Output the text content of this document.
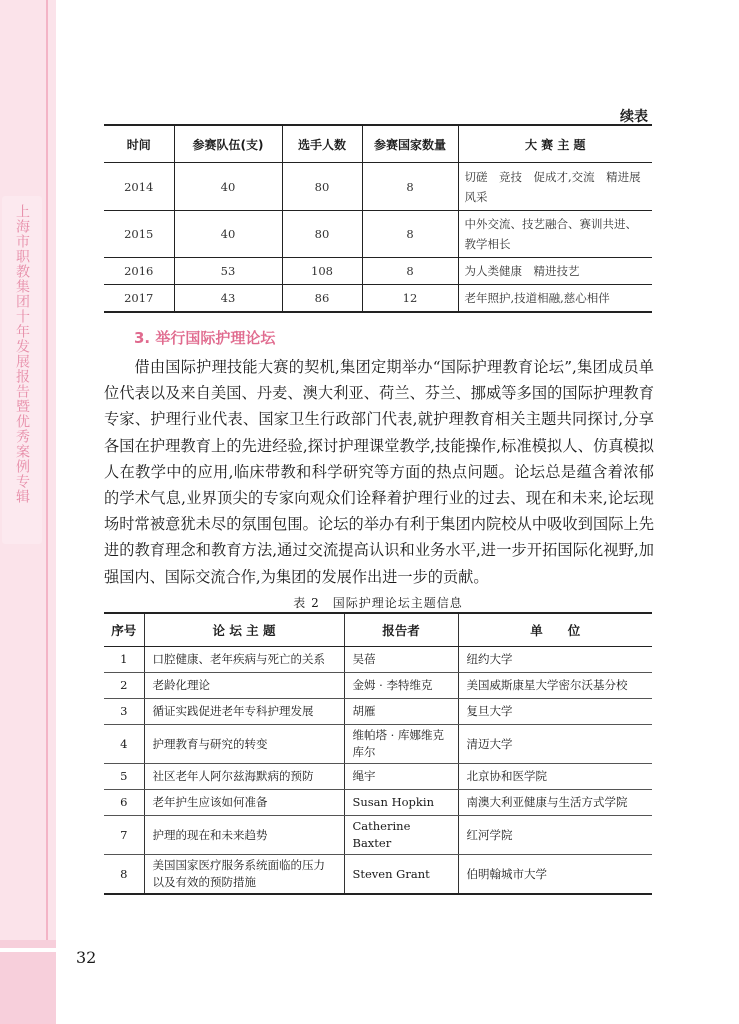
上海市职教集团十年发展报告暨优秀案例专辑
续表
时间	参赛队伍(支)	选手人数	参赛国家数量	大 赛 主 题
2014	40	80	8	切磋　竞技　促成才,交流　精进展风采
2015	40	80	8	中外交流、技艺融合、赛训共进、教学相长
2016	53	108	8	为人类健康　精进技艺
2017	43	86	12	老年照护,技道相融,慈心相伴
3. 举行国际护理论坛
借由国际护理技能大赛的契机,集团定期举办“国际护理教育论坛”,集团成员单位代表以及来自美国、丹麦、澳大利亚、荷兰、芬兰、挪威等多国的国际护理教育专家、护理行业代表、国家卫生行政部门代表,就护理教育相关主题共同探讨,分享各国在护理教育上的先进经验,探讨护理课堂教学,技能操作,标准模拟人、仿真模拟人在教学中的应用,临床带教和科学研究等方面的热点问题。论坛总是蕴含着浓郁的学术气息,业界顶尖的专家向观众们诠释着护理行业的过去、现在和未来,论坛现场时常被意犹未尽的氛围包围。论坛的举办有利于集团内院校从中吸收到国际上先进的教育理念和教育方法,通过交流提高认识和业务水平,进一步开拓国际化视野,加强国内、国际交流合作,为集团的发展作出进一步的贡献。
表 2　国际护理论坛主题信息
序号	论 坛 主 题	报告者	单　　位
1	口腔健康、老年疾病与死亡的关系	吴蓓	纽约大学
2	老龄化理论	金姆 · 李特维克	美国威斯康星大学密尔沃基分校
3	循证实践促进老年专科护理发展	胡雁	复旦大学
4	护理教育与研究的转变	维帕塔 · 库娜维克库尔	清迈大学
5	社区老年人阿尔兹海默病的预防	绳宇	北京协和医学院
6	老年护生应该如何准备	Susan Hopkin	南澳大利亚健康与生活方式学院
7	护理的现在和未来趋势	Catherine Baxter	红河学院
8	美国国家医疗服务系统面临的压力以及有效的预防措施	Steven Grant	伯明翰城市大学
32
